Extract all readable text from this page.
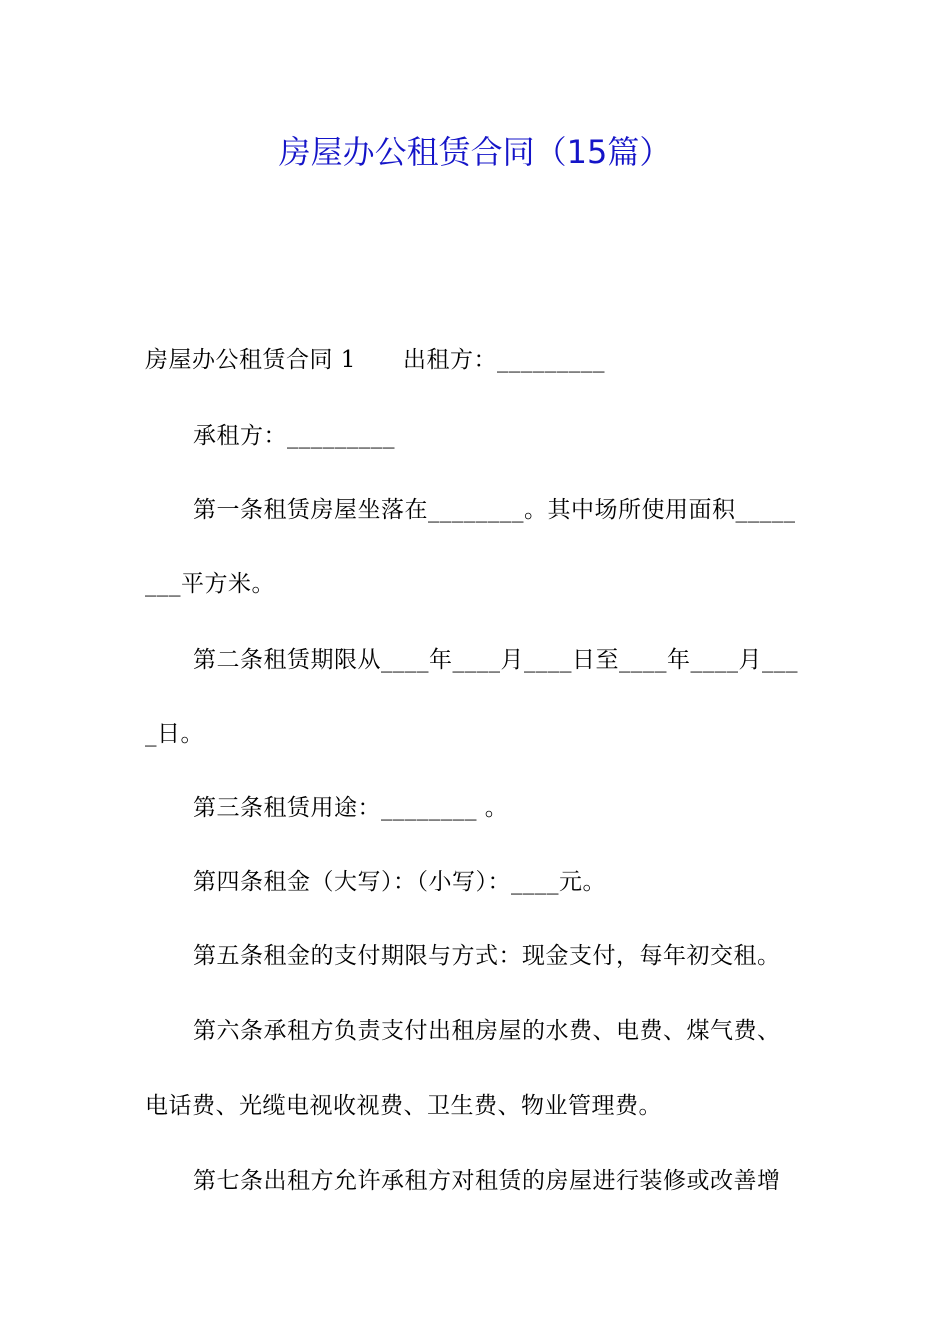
房屋办公租赁合同（15篇）
房屋办公租赁合同 1　　出租方：_________
承租方：_________
第一条租赁房屋坐落在________。其中场所使用面积_____
___平方米。
第二条租赁期限从____年____月____日至____年____月___
_日。
第三条租赁用途：________ 。
第四条租金（大写）：（小写）：____元。
第五条租金的支付期限与方式：现金支付，每年初交租。
第六条承租方负责支付出租房屋的水费、电费、煤气费、
电话费、光缆电视收视费、卫生费、物业管理费。
第七条出租方允许承租方对租赁的房屋进行装修或改善增
